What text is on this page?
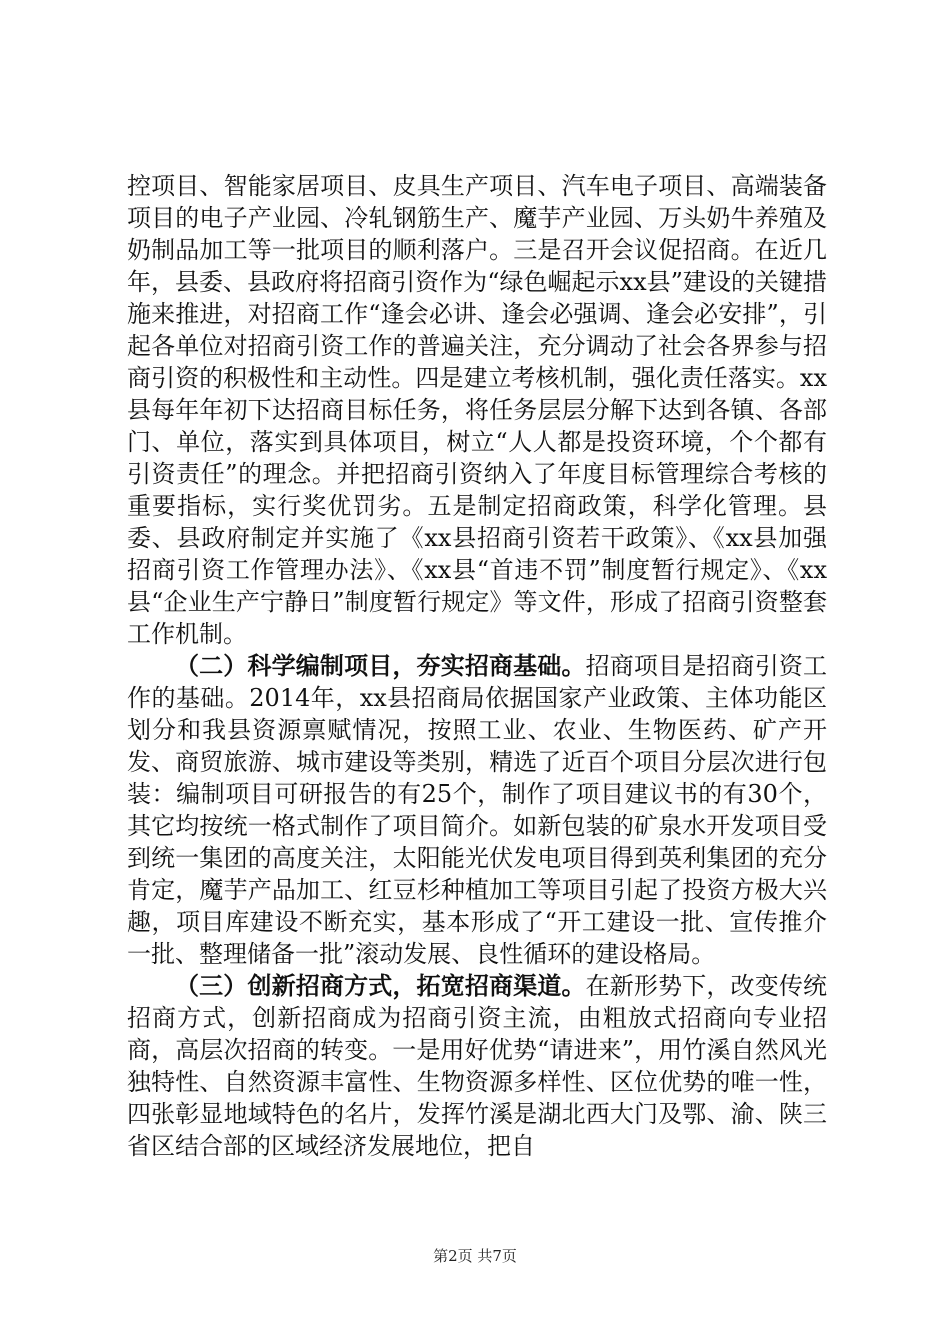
控项目、智能家居项目、皮具生产项目、汽车电子项目、高端装备项目的电子产业园、冷轧钢筋生产、魔芋产业园、万头奶牛养殖及奶制品加工等一批项目的顺利落户。三是召开会议促招商。在近几年，县委、县政府将招商引资作为“绿色崛起示xx县”建设的关键措施来推进，对招商工作“逢会必讲、逢会必强调、逢会必安排”，引起各单位对招商引资工作的普遍关注，充分调动了社会各界参与招商引资的积极性和主动性。四是建立考核机制，强化责任落实。xx县每年年初下达招商目标任务，将任务层层分解下达到各镇、各部门、单位，落实到具体项目，树立“人人都是投资环境，个个都有引资责任”的理念。并把招商引资纳入了年度目标管理综合考核的重要指标，实行奖优罚劣。五是制定招商政策，科学化管理。县委、县政府制定并实施了《xx县招商引资若干政策》、《xx县加强招商引资工作管理办法》、《xx县“首违不罚”制度暂行规定》、《xx县“企业生产宁静日”制度暂行规定》等文件，形成了招商引资整套工作机制。

（二）科学编制项目，夯实招商基础。招商项目是招商引资工作的基础。2014年，xx县招商局依据国家产业政策、主体功能区划分和我县资源禀赋情况，按照工业、农业、生物医药、矿产开发、商贸旅游、城市建设等类别，精选了近百个项目分层次进行包装：编制项目可研报告的有25个，制作了项目建议书的有30个，其它均按统一格式制作了项目简介。如新包装的矿泉水开发项目受到统一集团的高度关注，太阳能光伏发电项目得到英利集团的充分肯定，魔芋产品加工、红豆杉种植加工等项目引起了投资方极大兴趣，项目库建设不断充实，基本形成了“开工建设一批、宣传推介一批、整理储备一批”滚动发展、良性循环的建设格局。

（三）创新招商方式，拓宽招商渠道。在新形势下，改变传统招商方式，创新招商成为招商引资主流，由粗放式招商向专业招商，高层次招商的转变。一是用好优势“请进来”，用竹溪自然风光独特性、自然资源丰富性、生物资源多样性、区位优势的唯一性，四张彰显地域特色的名片，发挥竹溪是湖北西大门及鄂、渝、陕三省区结合部的区域经济发展地位，把自

第2页 共7页
